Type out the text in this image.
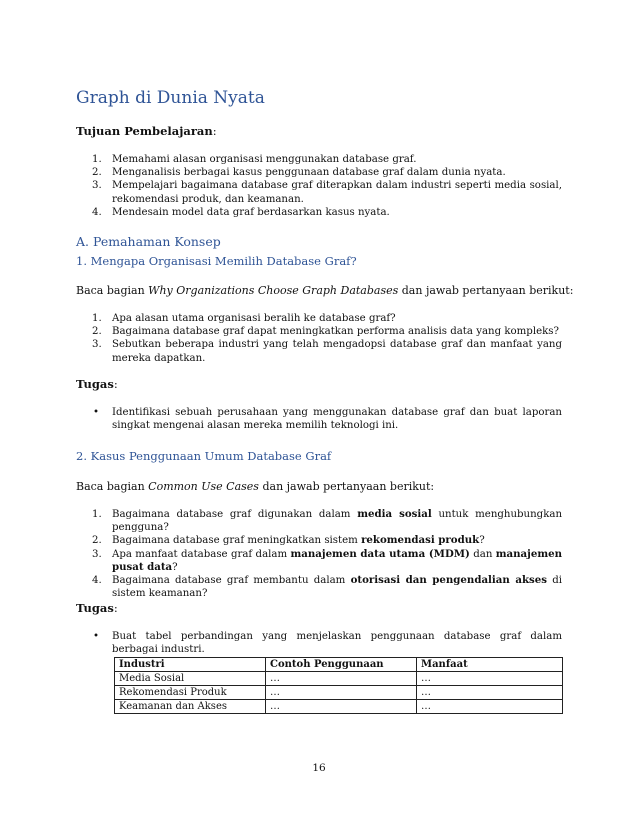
Graph di Dunia Nyata
Tujuan Pembelajaran:
1. Memahami alasan organisasi menggunakan database graf.
2. Menganalisis berbagai kasus penggunaan database graf dalam dunia nyata.
3. Mempelajari bagaimana database graf diterapkan dalam industri seperti media sosial, rekomendasi produk, dan keamanan.
4. Mendesain model data graf berdasarkan kasus nyata.
A. Pemahaman Konsep
1. Mengapa Organisasi Memilih Database Graf?
Baca bagian Why Organizations Choose Graph Databases dan jawab pertanyaan berikut:
1. Apa alasan utama organisasi beralih ke database graf?
2. Bagaimana database graf dapat meningkatkan performa analisis data yang kompleks?
3. Sebutkan beberapa industri yang telah mengadopsi database graf dan manfaat yang mereka dapatkan.
Tugas:
• Identifikasi sebuah perusahaan yang menggunakan database graf dan buat laporan singkat mengenai alasan mereka memilih teknologi ini.
2. Kasus Penggunaan Umum Database Graf
Baca bagian Common Use Cases dan jawab pertanyaan berikut:
1. Bagaimana database graf digunakan dalam media sosial untuk menghubungkan pengguna?
2. Bagaimana database graf meningkatkan sistem rekomendasi produk?
3. Apa manfaat database graf dalam manajemen data utama (MDM) dan manajemen pusat data?
4. Bagaimana database graf membantu dalam otorisasi dan pengendalian akses di sistem keamanan?
Tugas:
• Buat tabel perbandingan yang menjelaskan penggunaan database graf dalam berbagai industri.
Industri	Contoh Penggunaan	Manfaat
Media Sosial	…	…
Rekomendasi Produk	…	…
Keamanan dan Akses	…	…
16
